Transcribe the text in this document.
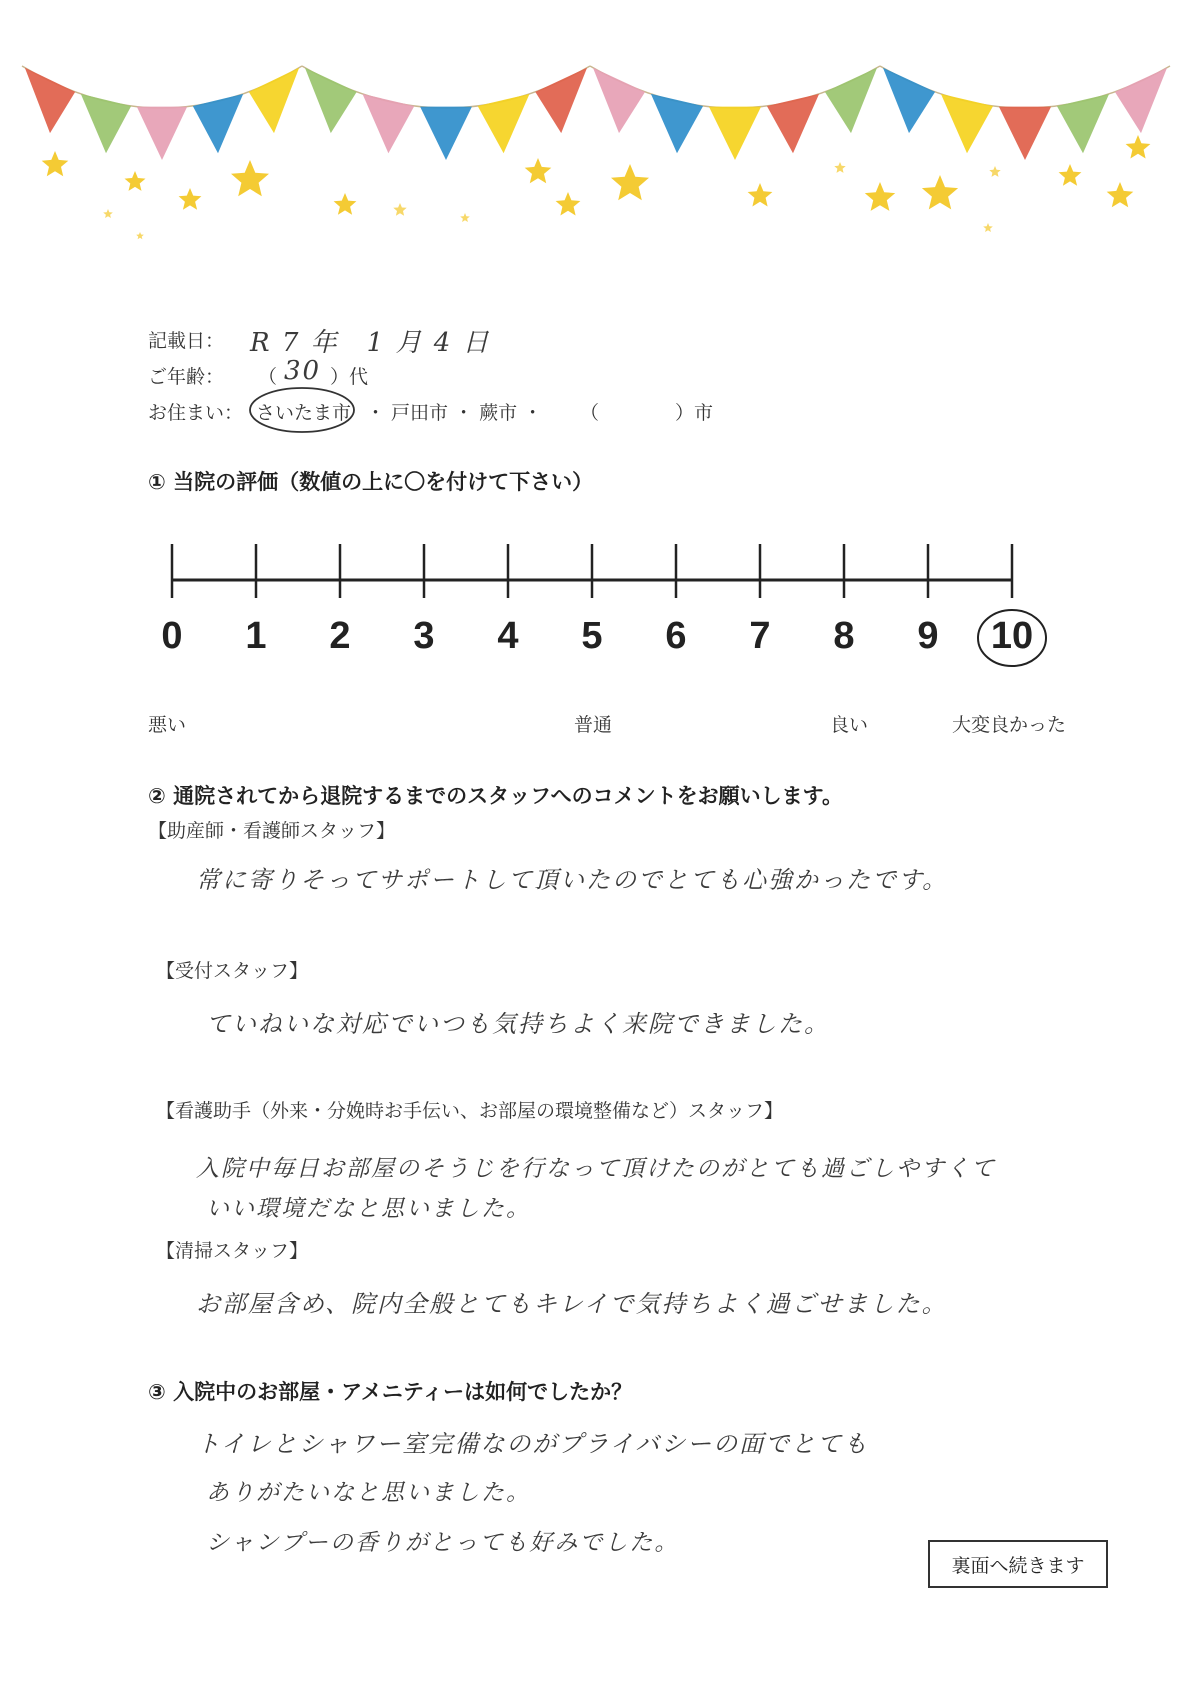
記載日： R 7 年　1 月 4 日
ご年齢： （ 30 ）代
お住まい： さいたま市 ・ 戸田市 ・ 蕨市 ・ （　　　　）市
① 当院の評価（数値の上に〇を付けて下さい）
0	1	2	3	4	5	6	7	8	9	10
悪い	普通	良い	大変良かった
② 通院されてから退院するまでのスタッフへのコメントをお願いします。
【助産師・看護師スタッフ】
常に寄りそってサポートして頂いたのでとても心強かったです。
【受付スタッフ】
ていねいな対応でいつも気持ちよく来院できました。
【看護助手（外来・分娩時お手伝い、お部屋の環境整備など）スタッフ】
入院中毎日お部屋のそうじを行なって頂けたのがとても過ごしやすくて
いい環境だなと思いました。
【清掃スタッフ】
お部屋含め、院内全般とてもキレイで気持ちよく過ごせました。
③ 入院中のお部屋・アメニティーは如何でしたか？
トイレとシャワー室完備なのがプライバシーの面でとても
ありがたいなと思いました。
シャンプーの香りがとっても好みでした。
裏面へ続きます
